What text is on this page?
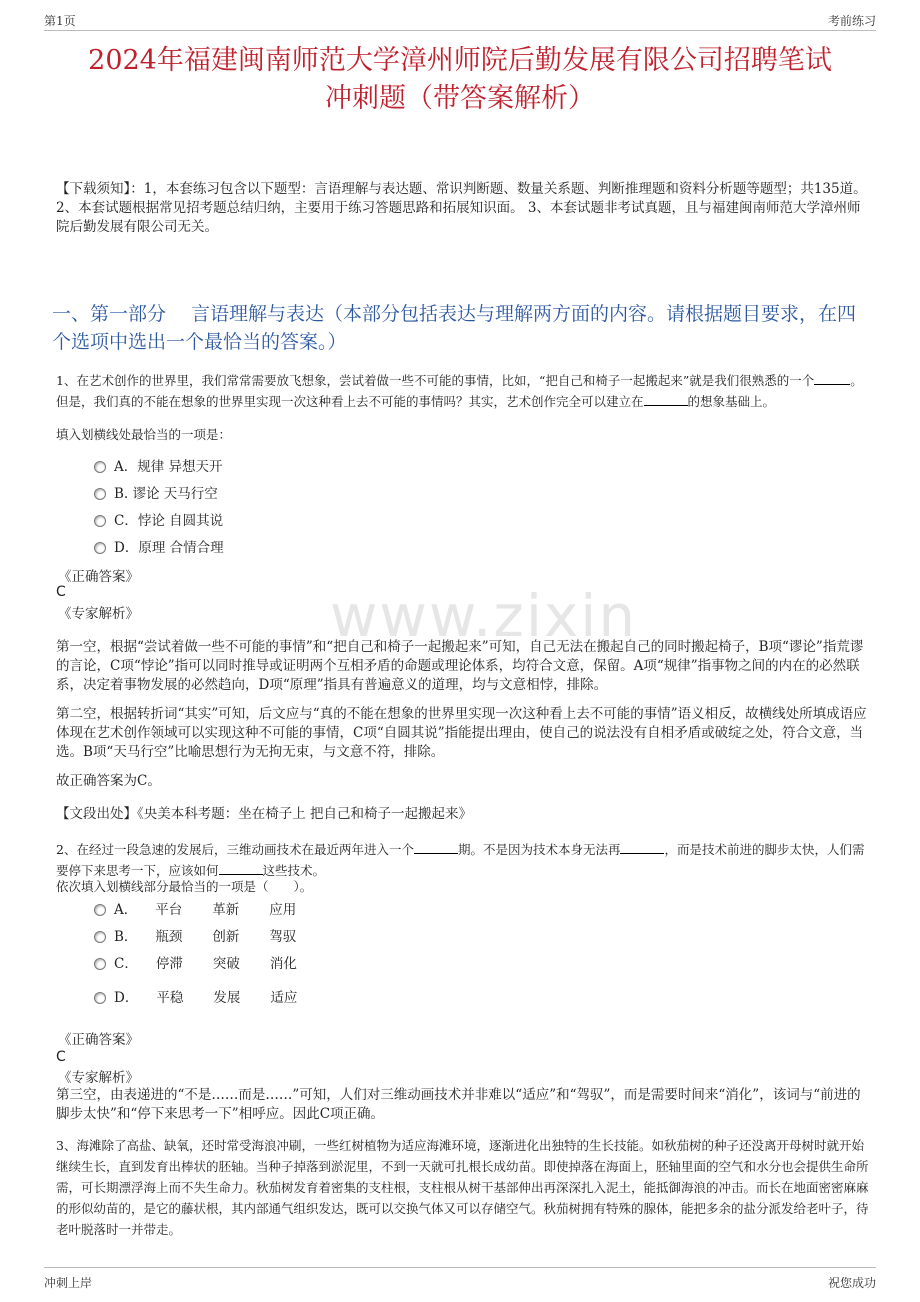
第1页	考前练习
www.zixin
2024年福建闽南师范大学漳州师院后勤发展有限公司招聘笔试
冲刺题（带答案解析）
【下载须知】：1，本套练习包含以下题型：言语理解与表达题、常识判断题、数量关系题、判断推理题和资料分析题等题型；共135道。 2、本套试题根据常见招考题总结归纳，主要用于练习答题思路和拓展知识面。 3、本套试题非考试真题，且与福建闽南师范大学漳州师院后勤发展有限公司无关。
一、第一部分　 言语理解与表达（本部分包括表达与理解两方面的内容。请根据题目要求，在四个选项中选出一个最恰当的答案。）
1、在艺术创作的世界里，我们常常需要放飞想象，尝试着做一些不可能的事情，比如，“把自己和椅子一起搬起来”就是我们很熟悉的一个	。但是，我们真的不能在想象的世界里实现一次这种看上去不可能的事情吗？其实，艺术创作完全可以建立在	的想象基础上。
填入划横线处最恰当的一项是：
A．规律 异想天开
B. 谬论 天马行空
C．悖论 自圆其说
D．原理 合情合理
《正确答案》
C
《专家解析》
第一空，根据“尝试着做一些不可能的事情”和“把自己和椅子一起搬起来”可知，自己无法在搬起自己的同时搬起椅子，B项“谬论”指荒谬的言论，C项“悖论”指可以同时推导或证明两个互相矛盾的命题或理论体系，均符合文意，保留。A项“规律”指事物之间的内在的必然联系，决定着事物发展的必然趋向，D项“原理”指具有普遍意义的道理，均与文意相悖，排除。
第二空，根据转折词“其实”可知，后文应与“真的不能在想象的世界里实现一次这种看上去不可能的事情”语义相反，故横线处所填成语应体现在艺术创作领域可以实现这种不可能的事情，C项“自圆其说”指能提出理由，使自己的说法没有自相矛盾或破绽之处，符合文意，当选。B项“天马行空”比喻思想行为无拘无束，与文意不符，排除。
故正确答案为C。
【文段出处】《央美本科考题：坐在椅子上 把自己和椅子一起搬起来》
2、在经过一段急速的发展后，三维动画技术在最近两年进入一个	期。不是因为技术本身无法再	，而是技术前进的脚步太快，人们需要停下来思考一下，应该如何	这些技术。
依次填入划横线部分最恰当的一项是（　　）。
A． 平台 革新 应用
B． 瓶颈 创新 驾驭
C． 停滞 突破 消化
D． 平稳 发展 适应
《正确答案》
C
《专家解析》
第三空，由表递进的“不是……而是……”可知，人们对三维动画技术并非难以“适应”和“驾驭”，而是需要时间来“消化”，该词与“前进的脚步太快”和“停下来思考一下”相呼应。因此C项正确。
3、海滩除了高盐、缺氧，还时常受海浪冲刷，一些红树植物为适应海滩环境，逐渐进化出独特的生长技能。如秋茄树的种子还没离开母树时就开始继续生长，直到发育出棒状的胚轴。当种子掉落到淤泥里，不到一天就可扎根长成幼苗。即使掉落在海面上，胚轴里面的空气和水分也会提供生命所需，可长期漂浮海上而不失生命力。秋茄树发育着密集的支柱根，支柱根从树干基部伸出再深深扎入泥土，能抵御海浪的冲击。而长在地面密密麻麻的形似幼苗的，是它的藤状根，其内部通气组织发达，既可以交换气体又可以存储空气。秋茄树拥有特殊的腺体，能把多余的盐分派发给老叶子，待老叶脱落时一并带走。
冲刺上岸	祝您成功
